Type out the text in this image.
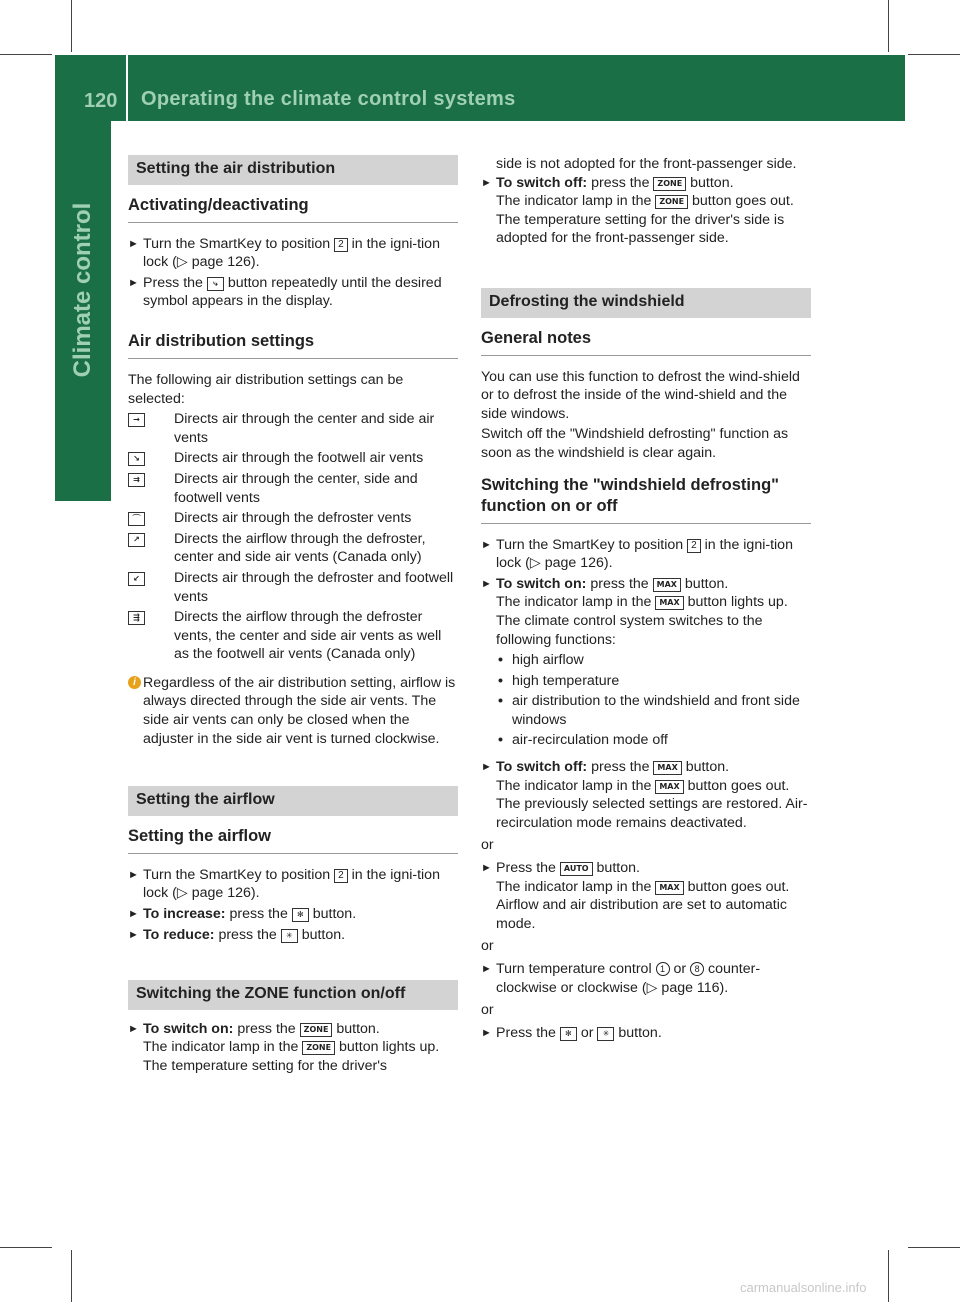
120 Operating the climate control systems
Climate control
Setting the air distribution
Activating/deactivating
► Turn the SmartKey to position 2 in the igni-tion lock (▷ page 126).
► Press the ⤷ button repeatedly until the desired symbol appears in the display.
Air distribution settings

The following air distribution settings can be selected:

→	Directs air through the center and side air vents
↘	Directs air through the footwell air vents
⇉	Directs air through the center, side and footwell vents
⌒	Directs air through the defroster vents
↗	Directs the airflow through the defroster, center and side air vents (Canada only)
↙	Directs air through the defroster and footwell vents
⇶	Directs the airflow through the defroster vents, the center and side air vents as well as the footwell air vents (Canada only)
i Regardless of the air distribution setting, airflow is always directed through the side air vents. The side air vents can only be closed when the adjuster in the side air vent is turned clockwise.
Setting the airflow
Setting the airflow
► Turn the SmartKey to position 2 in the igni-tion lock (▷ page 126).
► To increase: press the ✻ button.
► To reduce: press the ✳ button.
Switching the ZONE function on/off
► To switch on: press the ZONE button.
The indicator lamp in the ZONE button lights up. The temperature setting for the driver's

side is not adopted for the front-passenger side.

► To switch off: press the ZONE button.
The indicator lamp in the ZONE button goes out. The temperature setting for the driver's side is adopted for the front-passenger side.
Defrosting the windshield
General notes

You can use this function to defrost the wind-shield or to defrost the inside of the wind-shield and the side windows.

Switch off the "Windshield defrosting" function as soon as the windshield is clear again.

Switching the "windshield defrosting" function on or off
► Turn the SmartKey to position 2 in the igni-tion lock (▷ page 126).
► To switch on: press the MAX button.
The indicator lamp in the MAX button lights up.
The climate control system switches to the following functions:
• high airflow
• high temperature
• air distribution to the windshield and front side windows
• air-recirculation mode off
► To switch off: press the MAX button.
The indicator lamp in the MAX button goes out. The previously selected settings are restored. Air-recirculation mode remains deactivated.

or

► Press the AUTO button.
The indicator lamp in the MAX button goes out. Airflow and air distribution are set to automatic mode.

or

► Turn temperature control 1 or 8 counter-clockwise or clockwise (▷ page 116).

or

► Press the ✻ or ✳ button.
carmanualsonline.info
